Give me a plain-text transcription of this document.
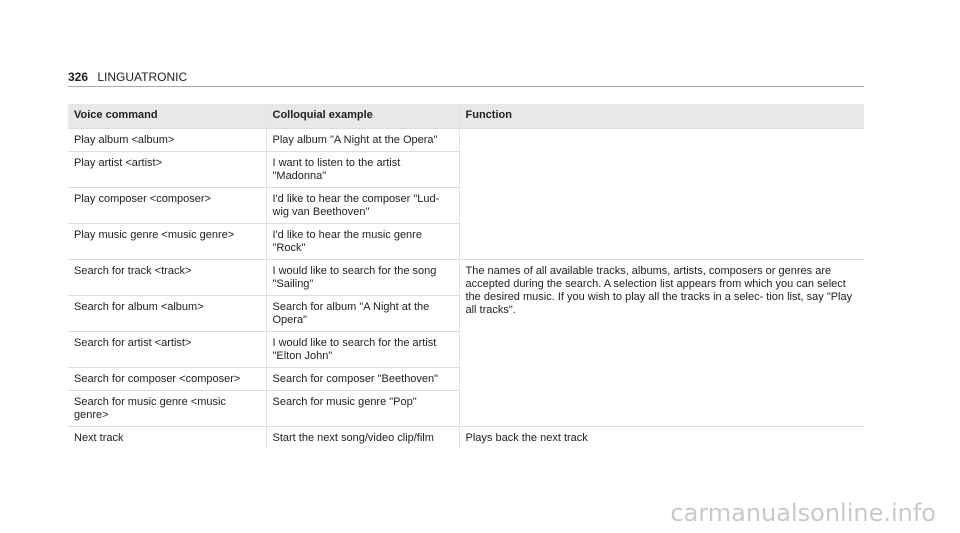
326 LINGUATRONIC
Voice command	Colloquial example	Function
Play album <album>	Play album "A Night at the Opera"	
Play artist <artist>	I want to listen to the artist "Madonna"	
Play composer <composer>	I'd like to hear the composer "Lud- wig van Beethoven"	
Play music genre <music genre>	I'd like to hear the music genre "Rock"	
Search for track <track>	I would like to search for the song "Sailing"	The names of all available tracks, albums, artists, composers or genres are accepted during the search. A selection list appears from which you can select the desired music. If you wish to play all the tracks in a selec- tion list, say "Play all tracks".
Search for album <album>	Search for album "A Night at the Opera"	
Search for artist <artist>	I would like to search for the artist "Elton John"	
Search for composer <composer>	Search for composer "Beethoven"	
Search for music genre <music genre>	Search for music genre "Pop"	
Next track	Start the next song/video clip/film	Plays back the next track
carmanualsonline.info
